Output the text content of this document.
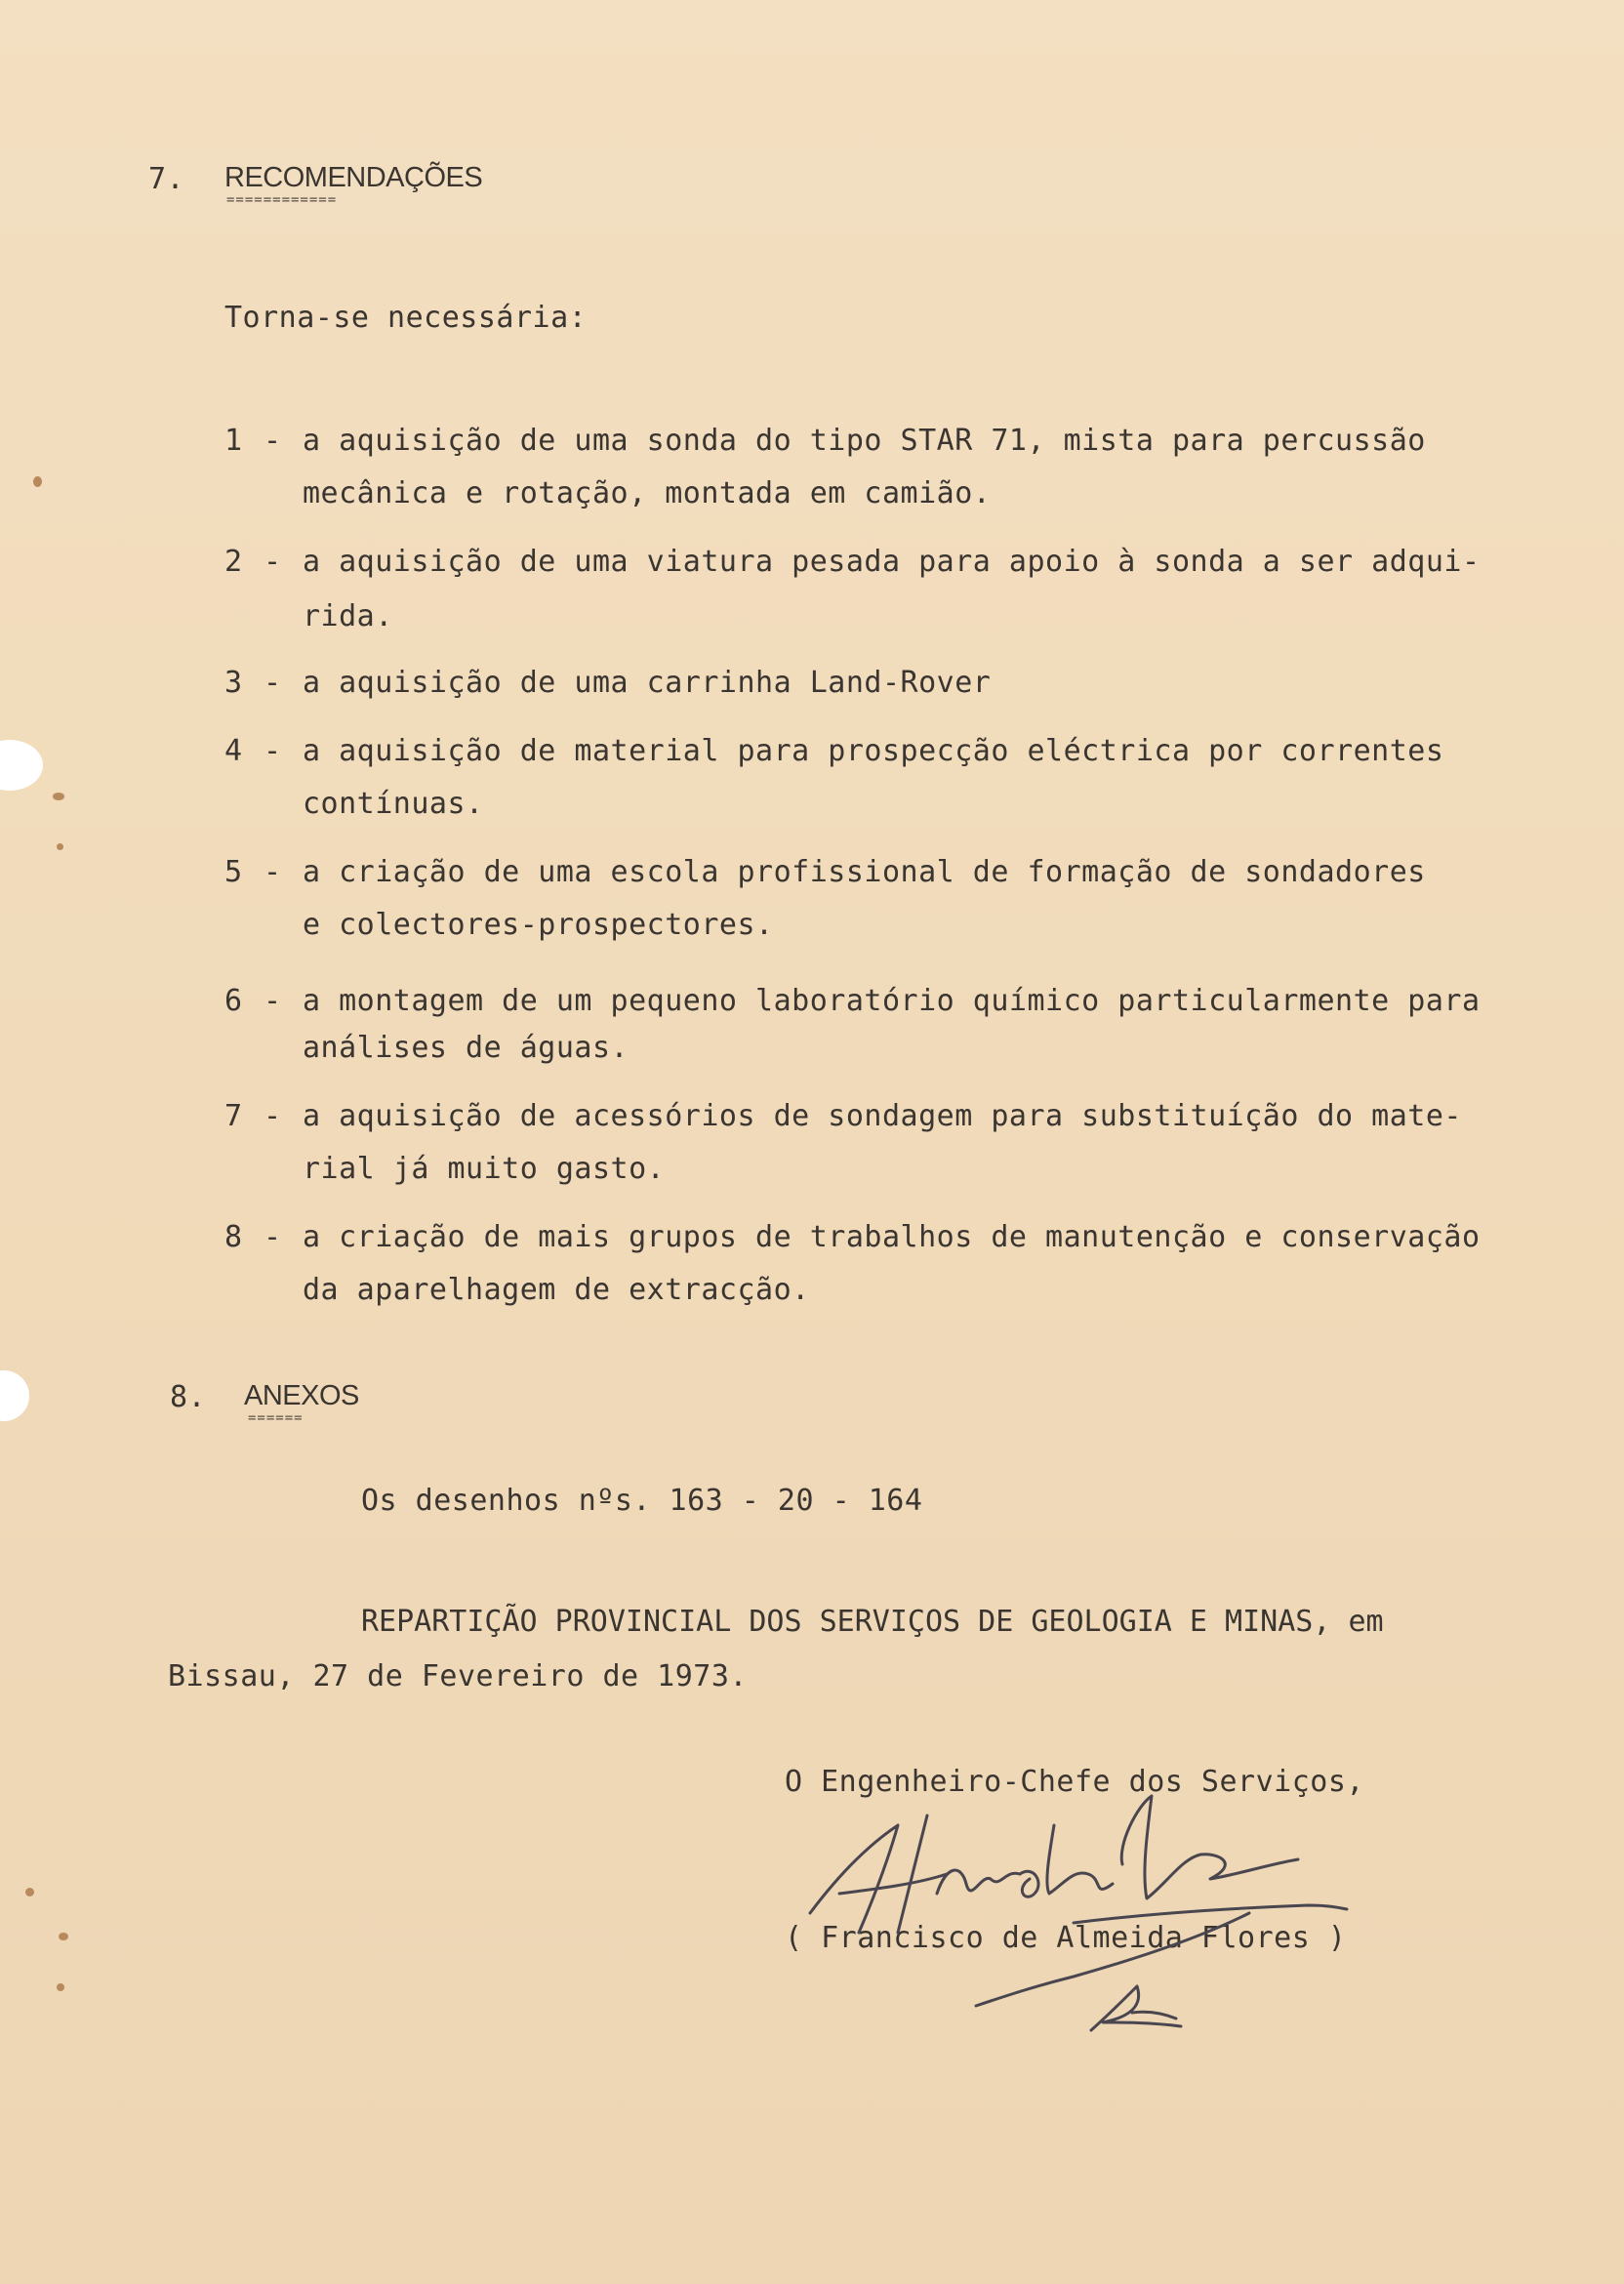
7. RECOMENDAÇÕES
============
Torna-se necessária:
1 - a aquisição de uma sonda do tipo STAR 71, mista para percussão
mecânica e rotação, montada em camião.
2 - a aquisição de uma viatura pesada para apoio à sonda a ser adqui-
rida.
3 - a aquisição de uma carrinha Land-Rover
4 - a aquisição de material para prospecção eléctrica por correntes
contínuas.
5 - a criação de uma escola profissional de formação de sondadores
e colectores-prospectores.
6 - a montagem de um pequeno laboratório químico particularmente para
análises de águas.
7 - a aquisição de acessórios de sondagem para substituíção do mate-
rial já muito gasto.
8 - a criação de mais grupos de trabalhos de manutenção e conservação
da aparelhagem de extracção.
8. ANEXOS
======
Os desenhos nºs. 163 - 20 - 164
REPARTIÇÃO PROVINCIAL DOS SERVIÇOS DE GEOLOGIA E MINAS, em
Bissau, 27 de Fevereiro de 1973.
O Engenheiro-Chefe dos Serviços,
( Francisco de Almeida Flores )
